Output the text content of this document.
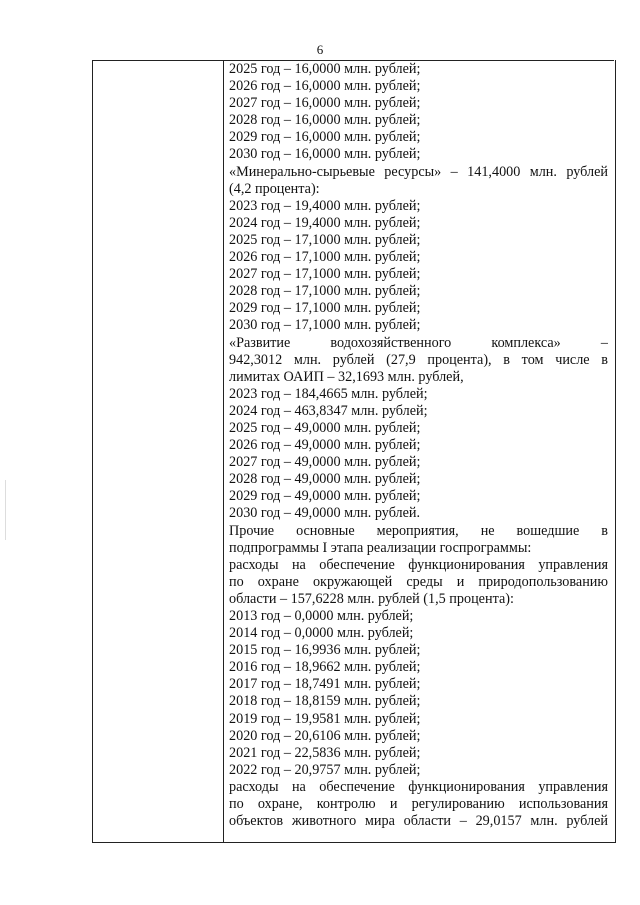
6
2025 год – 16,0000 млн. рублей;
2026 год – 16,0000 млн. рублей;
2027 год – 16,0000 млн. рублей;
2028 год – 16,0000 млн. рублей;
2029 год – 16,0000 млн. рублей;
2030 год – 16,0000 млн. рублей;
«Минерально-сырьевые ресурсы» – 141,4000 млн. рублей
(4,2 процента):
2023 год – 19,4000 млн. рублей;
2024 год – 19,4000 млн. рублей;
2025 год – 17,1000 млн. рублей;
2026 год – 17,1000 млн. рублей;
2027 год – 17,1000 млн. рублей;
2028 год – 17,1000 млн. рублей;
2029 год – 17,1000 млн. рублей;
2030 год – 17,1000 млн. рублей;
«Развитие водохозяйственного комплекса» –
942,3012 млн. рублей (27,9 процента), в том числе в
лимитах ОАИП – 32,1693 млн. рублей,
2023 год – 184,4665 млн. рублей;
2024 год – 463,8347 млн. рублей;
2025 год – 49,0000 млн. рублей;
2026 год – 49,0000 млн. рублей;
2027 год – 49,0000 млн. рублей;
2028 год – 49,0000 млн. рублей;
2029 год – 49,0000 млн. рублей;
2030 год – 49,0000 млн. рублей.
Прочие основные мероприятия, не вошедшие в
подпрограммы I этапа реализации госпрограммы:
расходы на обеспечение функционирования управления
по охране окружающей среды и природопользованию
области – 157,6228 млн. рублей (1,5 процента):
2013 год – 0,0000 млн. рублей;
2014 год – 0,0000 млн. рублей;
2015 год – 16,9936 млн. рублей;
2016 год – 18,9662 млн. рублей;
2017 год – 18,7491 млн. рублей;
2018 год – 18,8159 млн. рублей;
2019 год – 19,9581 млн. рублей;
2020 год – 20,6106 млн. рублей;
2021 год – 22,5836 млн. рублей;
2022 год – 20,9757 млн. рублей;
расходы на обеспечение функционирования управления
по охране, контролю и регулированию использования
объектов животного мира области – 29,0157 млн. рублей
